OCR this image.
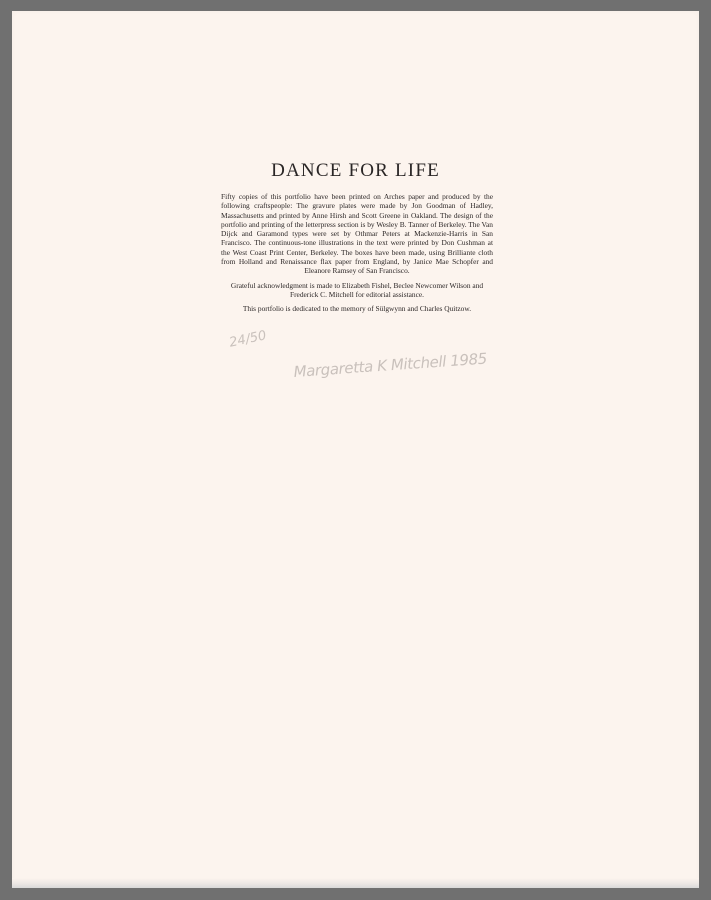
DANCE FOR LIFE

Fifty copies of this portfolio have been printed on Arches paper and produced by the following craftspeople: The gravure plates were made by Jon Goodman of Hadley, Massachusetts and printed by Anne Hirsh and Scott Greene in Oakland. The design of the portfolio and printing of the letterpress section is by Wesley B. Tanner of Berkeley. The Van Dijck and Garamond types were set by Othmar Peters at Mackenzie-Harris in San Francisco. The continuous-tone illustrations in the text were printed by Don Cushman at the West Coast Print Center, Berkeley. The boxes have been made, using Brilliante cloth from Holland and Renaissance flax paper from England, by Janice Mae Schopfer and Eleanore Ramsey of San Francisco.

Grateful acknowledgment is made to Elizabeth Fishel, Beclee Newcomer Wilson and Frederick C. Mitchell for editorial assistance.

This portfolio is dedicated to the memory of Sülgwynn and Charles Quitzow.

24/50
Margaretta K Mitchell 1985
